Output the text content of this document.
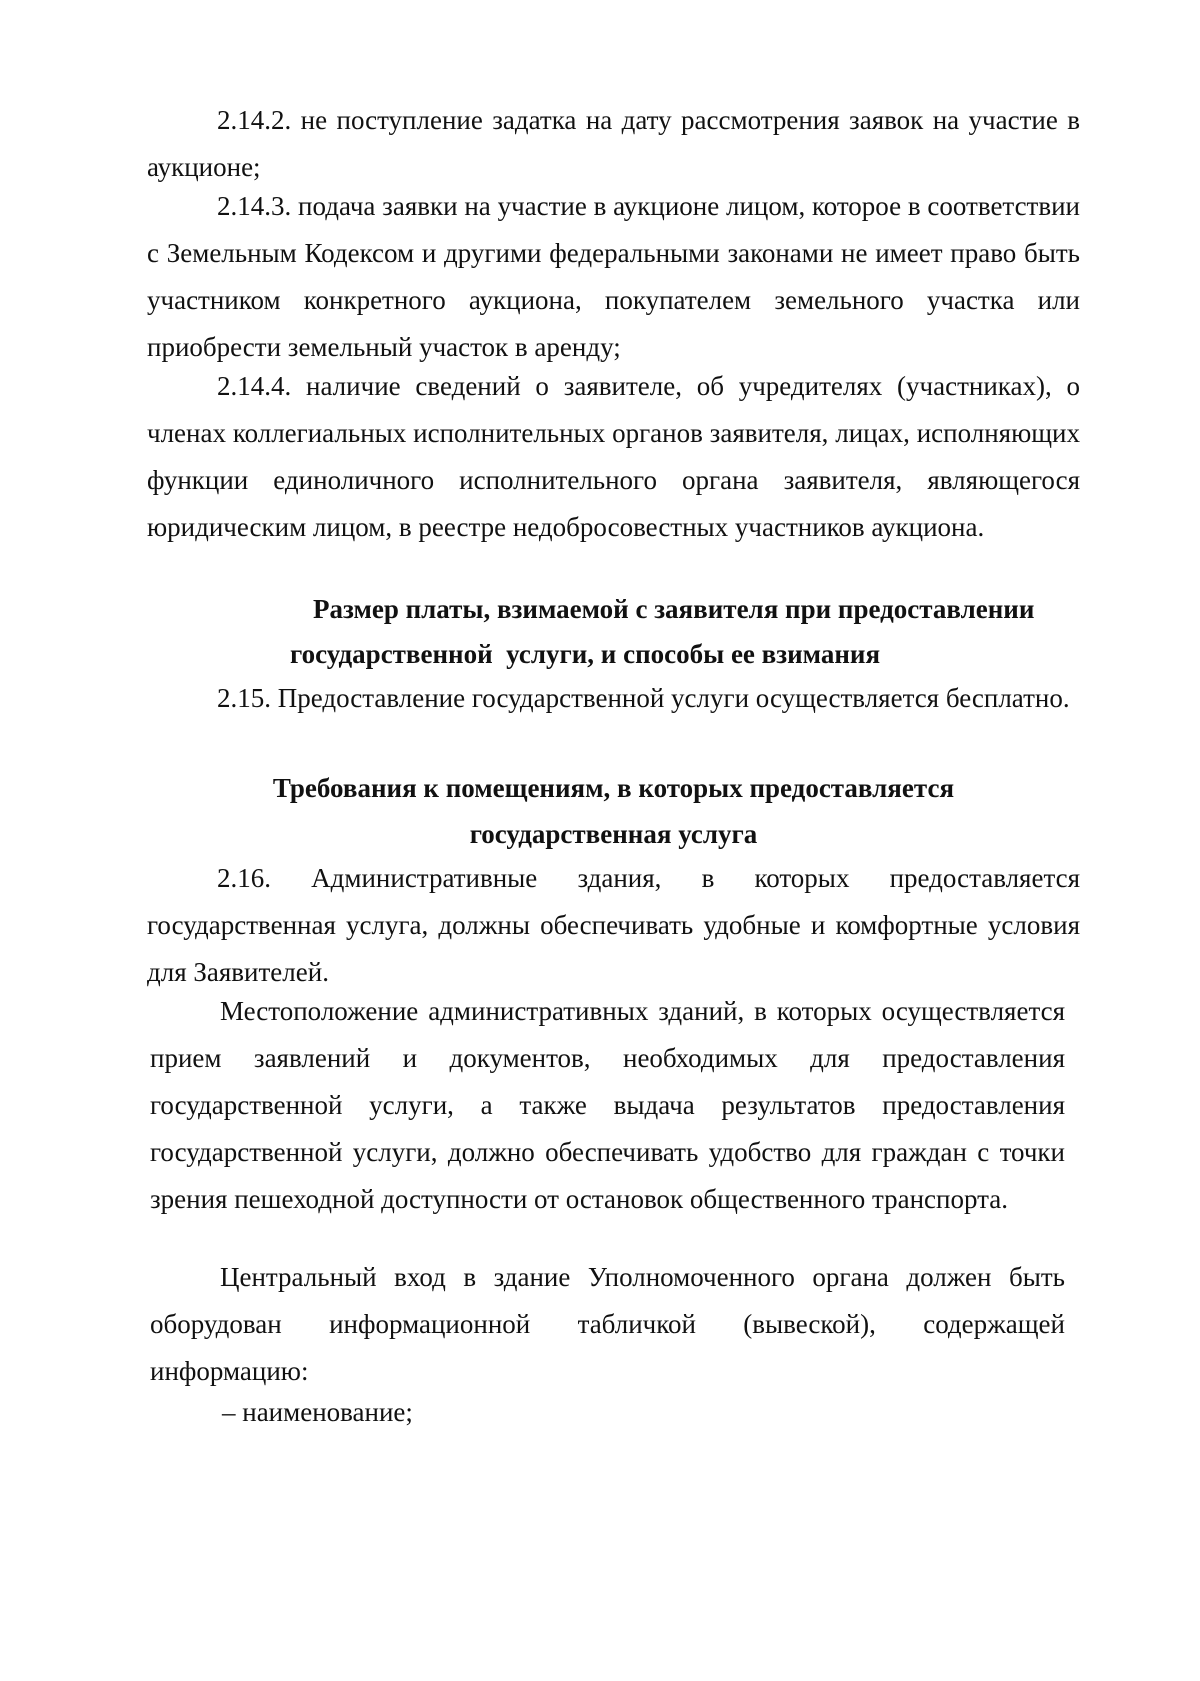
2.14.2. не поступление задатка на дату рассмотрения заявок на участие в аукционе;

2.14.3. подача заявки на участие в аукционе лицом, которое в соответствии с Земельным Кодексом и другими федеральными законами не имеет право быть участником конкретного аукциона, покупателем земельного участка или приобрести земельный участок в аренду;

2.14.4. наличие сведений о заявителе, об учредителях (участниках), о членах коллегиальных исполнительных органов заявителя, лицах, исполняющих функции единоличного исполнительного органа заявителя, являющегося юридическим лицом, в реестре недобросовестных участников аукциона.

Размер платы, взимаемой с заявителя при предоставлении
государственной  услуги, и способы ее взимания

2.15. Предоставление государственной услуги осуществляется бесплатно.

Требования к помещениям, в которых предоставляется
государственная услуга

2.16. Административные здания, в которых предоставляется государственная услуга, должны обеспечивать удобные и комфортные условия для Заявителей.

Местоположение административных зданий, в которых осуществляется прием заявлений и документов, необходимых для предоставления государственной услуги, а также выдача результатов предоставления государственной услуги, должно обеспечивать удобство для граждан с точки зрения пешеходной доступности от остановок общественного транспорта.

Центральный вход в здание Уполномоченного органа должен быть оборудован информационной табличкой (вывеской), содержащей информацию:

– наименование;
